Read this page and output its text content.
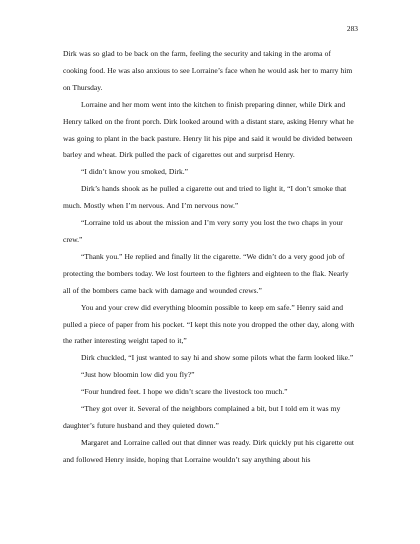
283

Dirk was so glad to be back on the farm, feeling the security and taking in the aroma of cooking food. He was also anxious to see Lorraine’s face when he would ask her to marry him on Thursday.

Lorraine and her mom went into the kitchen to finish preparing dinner, while Dirk and Henry talked on the front porch. Dirk looked around with a distant stare, asking Henry what he was going to plant in the back pasture. Henry lit his pipe and said it would be divided between barley and wheat. Dirk pulled the pack of cigarettes out and surprisd Henry.

“I didn’t know you smoked, Dirk.”

Dirk’s hands shook as he pulled a cigarette out and tried to light it, “I don’t smoke that much. Mostly when I’m nervous. And I’m nervous now.”

“Lorraine told us about the mission and I’m very sorry you lost the two chaps in your crew.”

“Thank you.” He replied and finally lit the cigarette. “We didn’t do a very good job of protecting the bombers today. We lost fourteen to the fighters and eighteen to the flak. Nearly all of the bombers came back with damage and wounded crews.”

You and your crew did everything bloomin possible to keep em safe.” Henry said and pulled a piece of paper from his pocket. “I kept this note you dropped the other day, along with the rather interesting weight taped to it,”

Dirk chuckled, “I just wanted to say hi and show some pilots what the farm looked like.”

“Just how bloomin low did you fly?”

“Four hundred feet. I hope we didn’t scare the livestock too much.”

“They got over it. Several of the neighbors complained a bit, but I told em it was my daughter’s future husband and they quieted down.”

Margaret and Lorraine called out that dinner was ready. Dirk quickly put his cigarette out and followed Henry inside, hoping that Lorraine wouldn’t say anything about his
